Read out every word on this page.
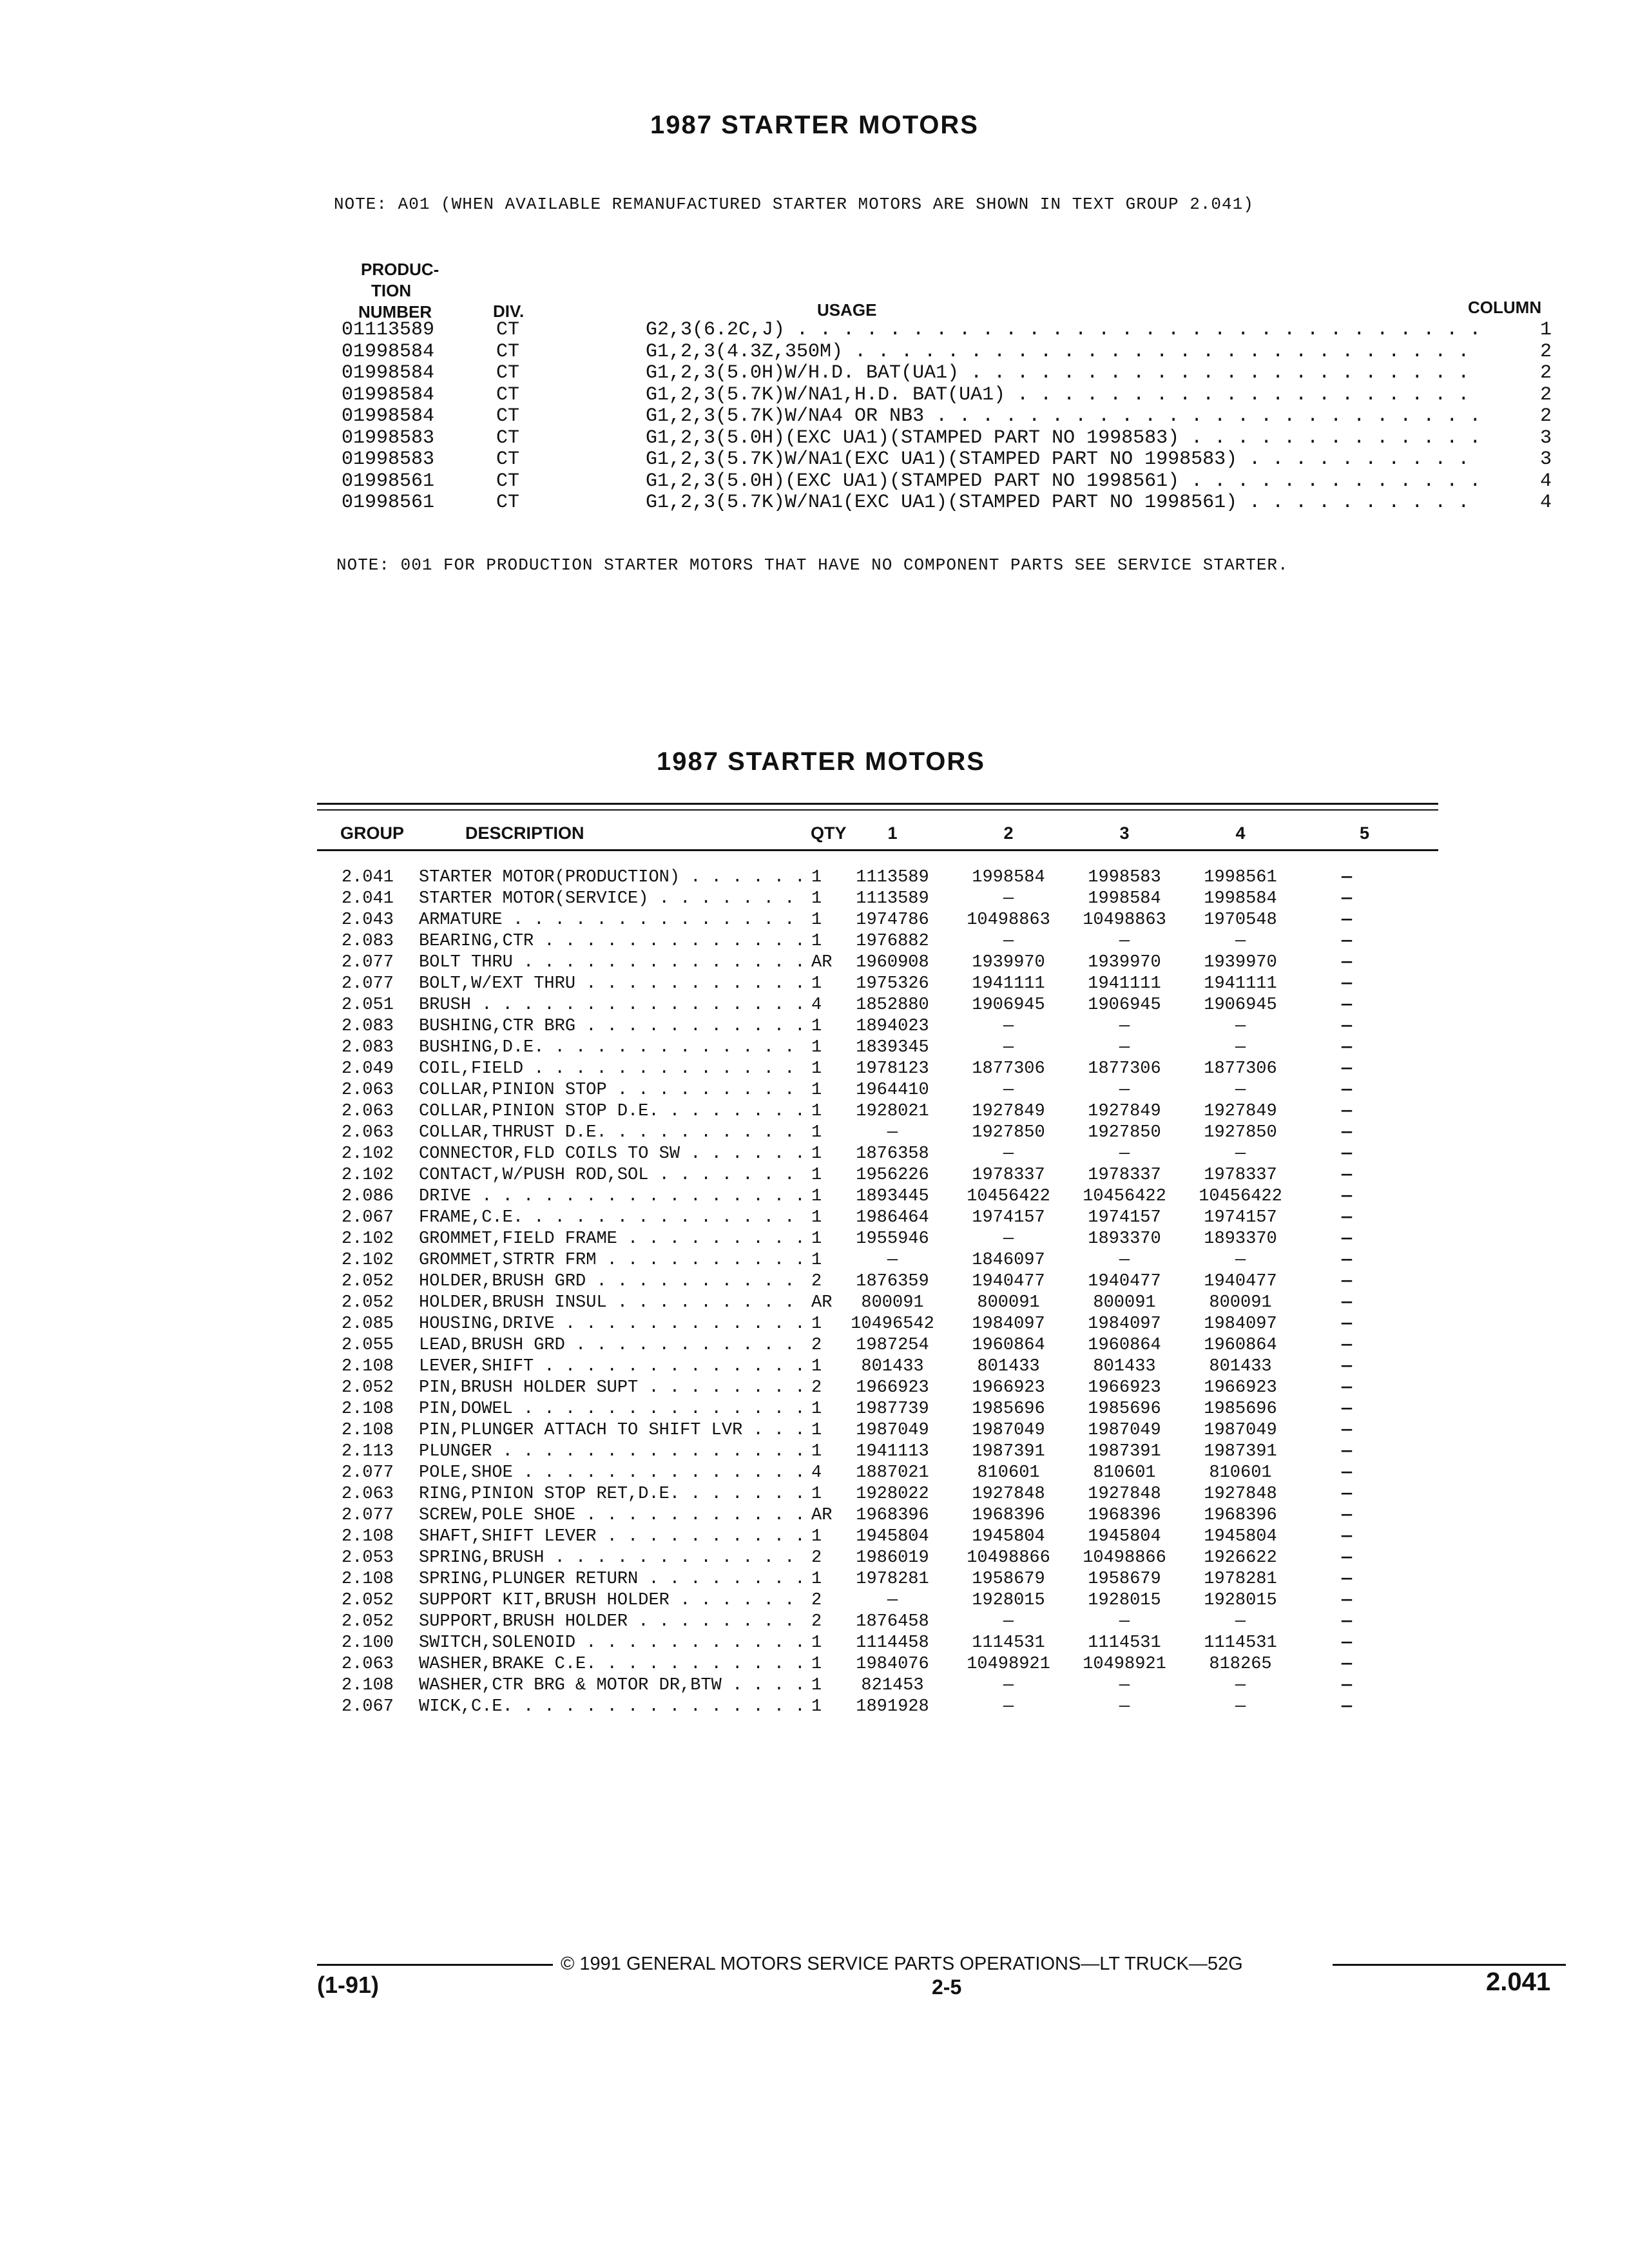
1987 STARTER MOTORS
NOTE: A01 (WHEN AVAILABLE REMANUFACTURED STARTER MOTORS ARE SHOWN IN TEXT GROUP 2.041)
PRODUC-
TION
NUMBER	DIV.	USAGE	COLUMN
01113589	CT	G2,3(6.2C,J) . . .	1
01998584	CT	G1,2,3(4.3Z,350M) . . .	2
01998584	CT	G1,2,3(5.0H)W/H.D. BAT(UA1) . . .	2
01998584	CT	G1,2,3(5.7K)W/NA1,H.D. BAT(UA1) . . .	2
01998584	CT	G1,2,3(5.7K)W/NA4 OR NB3 . . .	2
01998583	CT	G1,2,3(5.0H)(EXC UA1)(STAMPED PART NO 1998583) . . .	3
01998583	CT	G1,2,3(5.7K)W/NA1(EXC UA1)(STAMPED PART NO 1998583) . . .	3
01998561	CT	G1,2,3(5.0H)(EXC UA1)(STAMPED PART NO 1998561) . . .	4
01998561	CT	G1,2,3(5.7K)W/NA1(EXC UA1)(STAMPED PART NO 1998561) . . .	4
NOTE: 001 FOR PRODUCTION STARTER MOTORS THAT HAVE NO COMPONENT PARTS SEE SERVICE STARTER.
1987 STARTER MOTORS
GROUP	DESCRIPTION	QTY	1	2	3	4	5
2.041	STARTER MOTOR(PRODUCTION) . . .	1	1113589	1998584	1998583	1998561	—
2.041	STARTER MOTOR(SERVICE) . . .	1	1113589	—	1998584	1998584	—
2.043	ARMATURE . . .	1	1974786	10498863	10498863	1970548	—
2.083	BEARING,CTR . . .	1	1976882	—	—	—	—
2.077	BOLT THRU . . .	AR	1960908	1939970	1939970	1939970	—
2.077	BOLT,W/EXT THRU . . .	1	1975326	1941111	1941111	1941111	—
2.051	BRUSH . . .	4	1852880	1906945	1906945	1906945	—
2.083	BUSHING,CTR BRG . . .	1	1894023	—	—	—	—
2.083	BUSHING,D.E. . . .	1	1839345	—	—	—	—
2.049	COIL,FIELD . . .	1	1978123	1877306	1877306	1877306	—
2.063	COLLAR,PINION STOP . . .	1	1964410	—	—	—	—
2.063	COLLAR,PINION STOP D.E. . . .	1	1928021	1927849	1927849	1927849	—
2.063	COLLAR,THRUST D.E. . . .	1	—	1927850	1927850	1927850	—
2.102	CONNECTOR,FLD COILS TO SW . . .	1	1876358	—	—	—	—
2.102	CONTACT,W/PUSH ROD,SOL . . .	1	1956226	1978337	1978337	1978337	—
2.086	DRIVE . . .	1	1893445	10456422	10456422	10456422	—
2.067	FRAME,C.E. . . .	1	1986464	1974157	1974157	1974157	—
2.102	GROMMET,FIELD FRAME . . .	1	1955946	—	1893370	1893370	—
2.102	GROMMET,STRTR FRM . . .	1	—	1846097	—	—	—
2.052	HOLDER,BRUSH GRD . . .	2	1876359	1940477	1940477	1940477	—
2.052	HOLDER,BRUSH INSUL . . .	AR	800091	800091	800091	800091	—
2.085	HOUSING,DRIVE . . .	1	10496542	1984097	1984097	1984097	—
2.055	LEAD,BRUSH GRD . . .	2	1987254	1960864	1960864	1960864	—
2.108	LEVER,SHIFT . . .	1	801433	801433	801433	801433	—
2.052	PIN,BRUSH HOLDER SUPT . . .	2	1966923	1966923	1966923	1966923	—
2.108	PIN,DOWEL . . .	1	1987739	1985696	1985696	1985696	—
2.108	PIN,PLUNGER ATTACH TO SHIFT LVR . . .	1	1987049	1987049	1987049	1987049	—
2.113	PLUNGER . . .	1	1941113	1987391	1987391	1987391	—
2.077	POLE,SHOE . . .	4	1887021	810601	810601	810601	—
2.063	RING,PINION STOP RET,D.E. . . .	1	1928022	1927848	1927848	1927848	—
2.077	SCREW,POLE SHOE . . .	AR	1968396	1968396	1968396	1968396	—
2.108	SHAFT,SHIFT LEVER . . .	1	1945804	1945804	1945804	1945804	—
2.053	SPRING,BRUSH . . .	2	1986019	10498866	10498866	1926622	—
2.108	SPRING,PLUNGER RETURN . . .	1	1978281	1958679	1958679	1978281	—
2.052	SUPPORT KIT,BRUSH HOLDER . . .	2	—	1928015	1928015	1928015	—
2.052	SUPPORT,BRUSH HOLDER . . .	2	1876458	—	—	—	—
2.100	SWITCH,SOLENOID . . .	1	1114458	1114531	1114531	1114531	—
2.063	WASHER,BRAKE C.E. . . .	1	1984076	10498921	10498921	818265	—
2.108	WASHER,CTR BRG & MOTOR DR,BTW . . .	1	821453	—	—	—	—
2.067	WICK,C.E. . . .	1	1891928	—	—	—	—
© 1991 GENERAL MOTORS SERVICE PARTS OPERATIONS—LT TRUCK—52G
(1-91)	2-5	2.041
